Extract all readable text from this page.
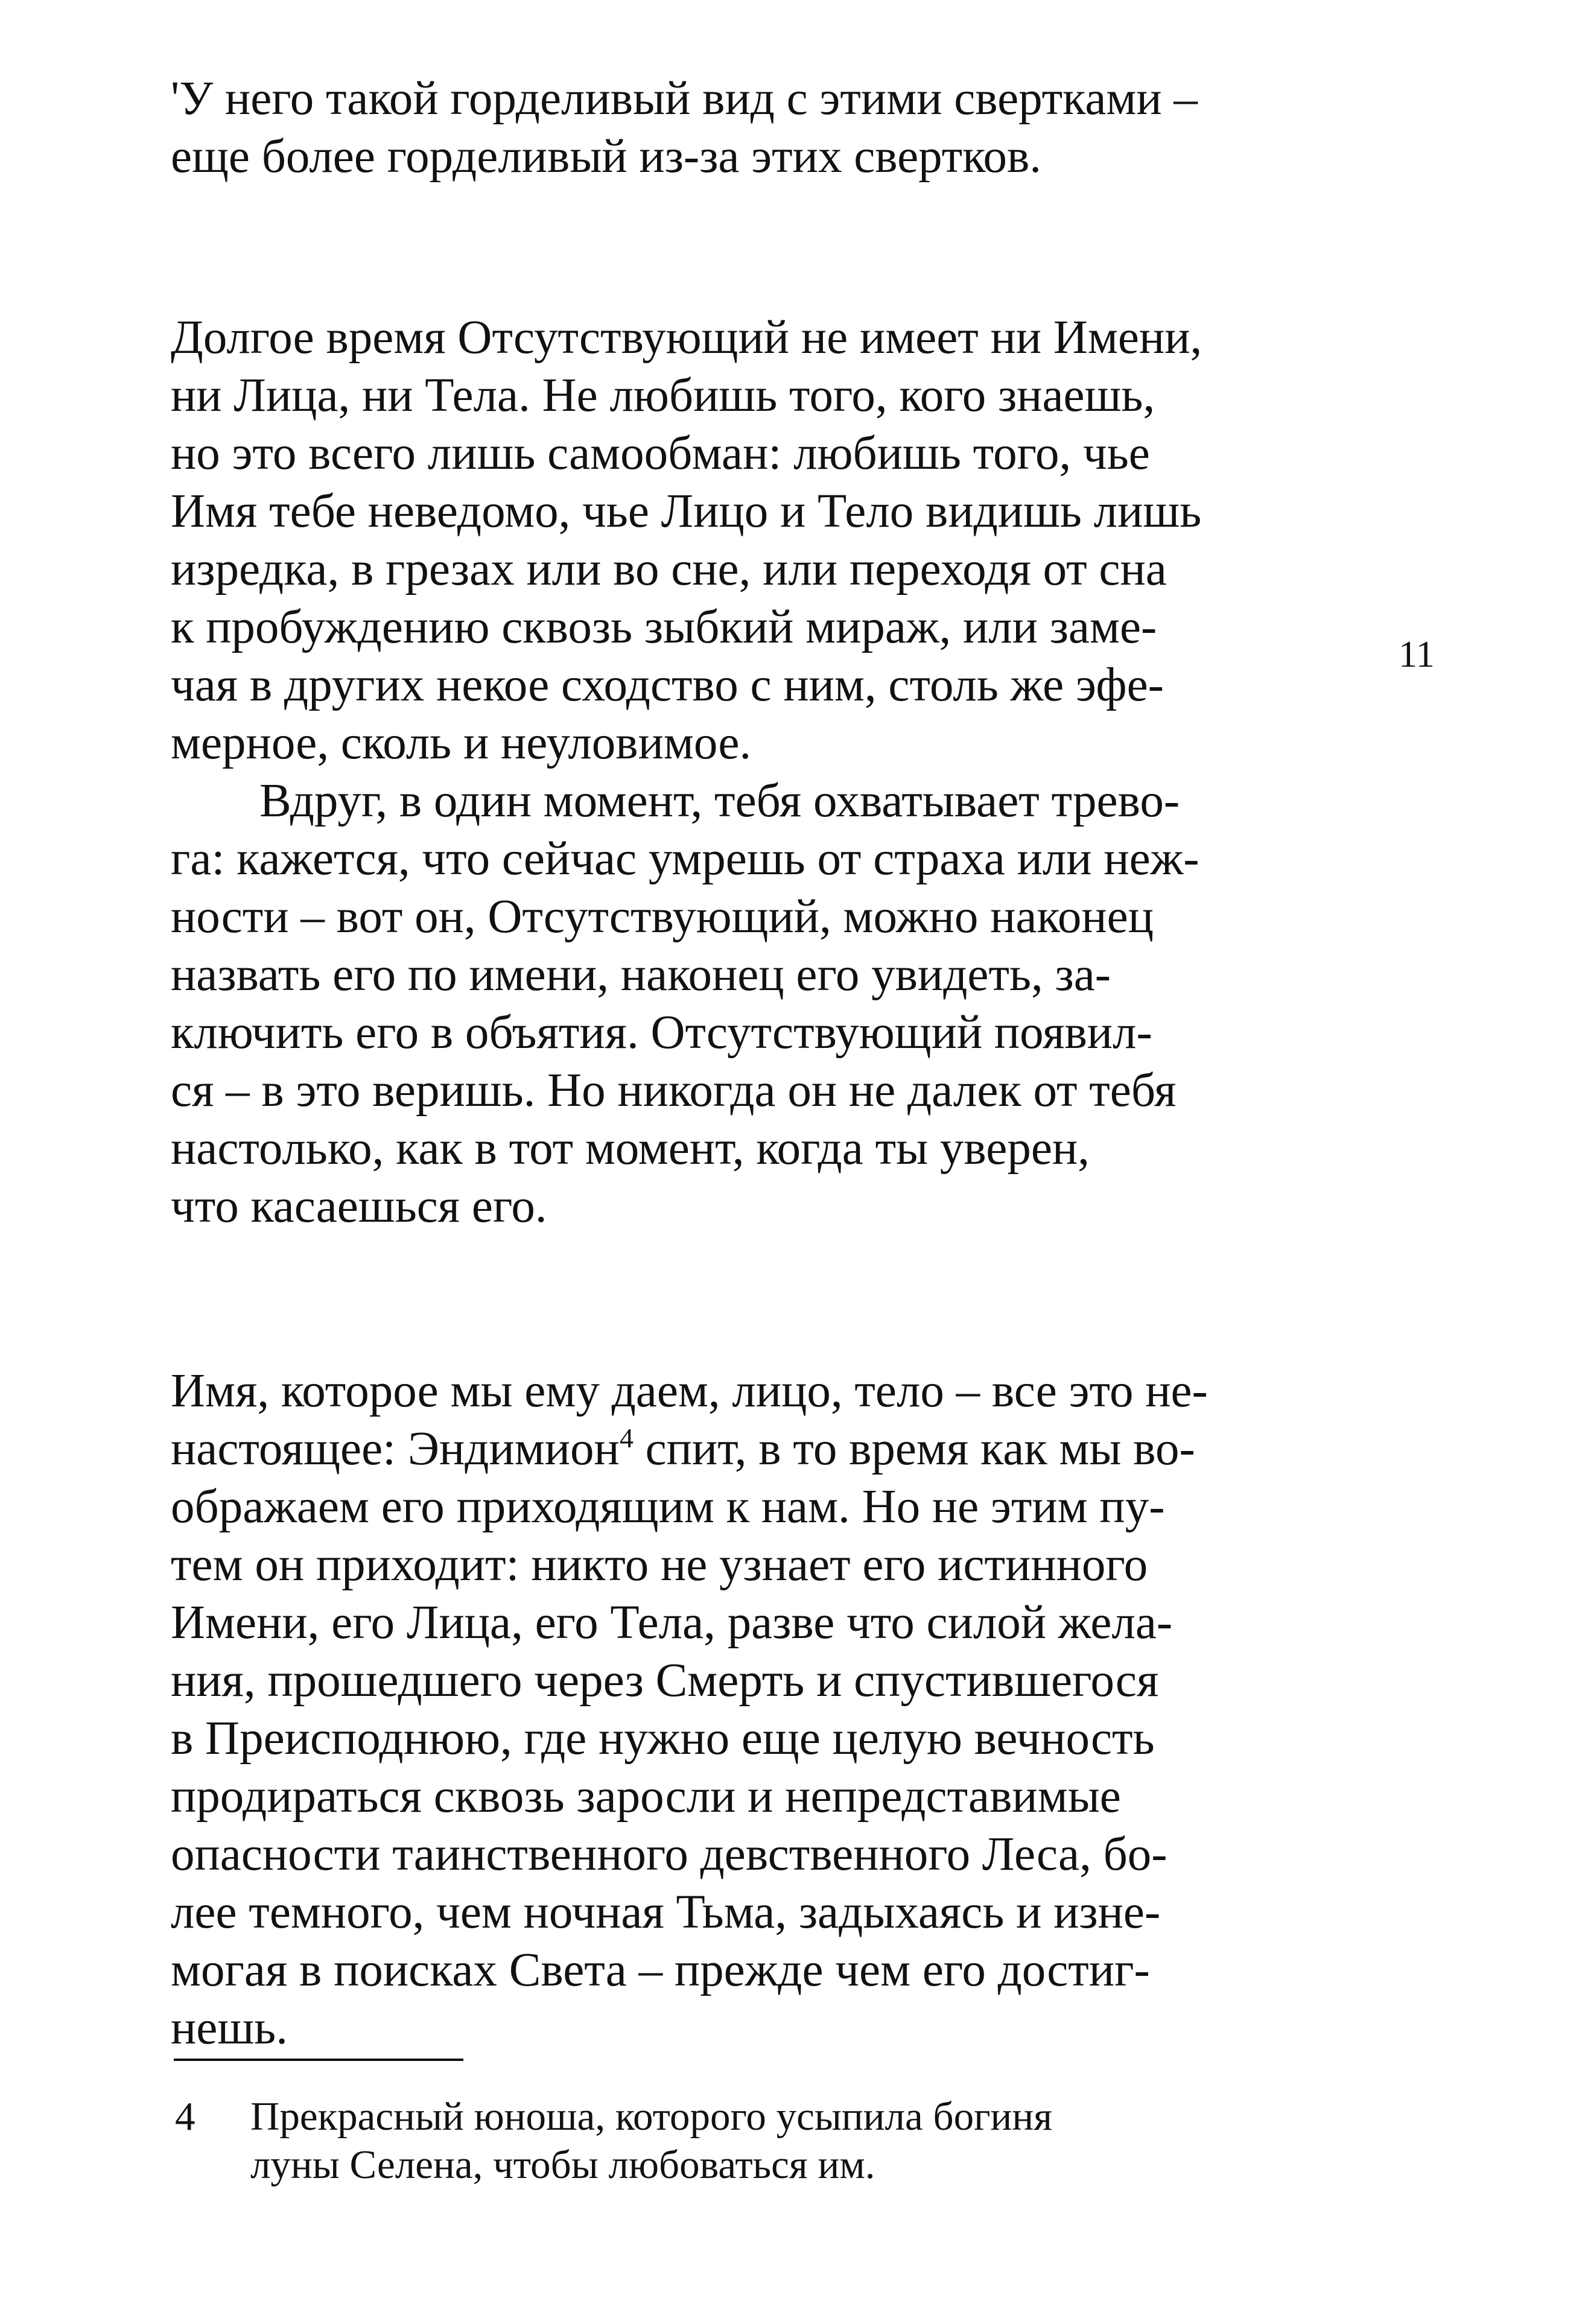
'У него такой горделивый вид с этими свертками –
еще более горделивый из-за этих свертков.
Долгое время Отсутствующий не имеет ни Имени,
ни Лица, ни Тела. Не любишь того, кого знаешь,
но это всего лишь самообман: любишь того, чье
Имя тебе неведомо, чье Лицо и Тело видишь лишь
изредка, в грезах или во сне, или переходя от сна
к пробуждению сквозь зыбкий мираж, или заме-
чая в других некое сходство с ним, столь же эфе-
мерное, сколь и неуловимое.
11
Вдруг, в один момент, тебя охватывает трево-
га: кажется, что сейчас умрешь от страха или неж-
ности – вот он, Отсутствующий, можно наконец
назвать его по имени, наконец его увидеть, за-
ключить его в объятия. Отсутствующий появил-
ся – в это веришь. Но никогда он не далек от тебя
настолько, как в тот момент, когда ты уверен,
что касаешься его.
Имя, которое мы ему даем, лицо, тело – все это не-
настоящее: Эндимион$^4$ спит, в то время как мы во-
ображаем его приходящим к нам. Но не этим пу-
тем он приходит: никто не узнает его истинного
Имени, его Лица, его Тела, разве что силой жела-
ния, прошедшего через Смерть и спустившегося
в Преисподнюю, где нужно еще целую вечность
продираться сквозь заросли и непредставимые
опасности таинственного девственного Леса, бо-
лее темного, чем ночная Тьма, задыхаясь и изне-
могая в поисках Света – прежде чем его достиг-
нешь.
4 Прекрасный юноша, которого усыпила богиня
луны Селена, чтобы любоваться им.
